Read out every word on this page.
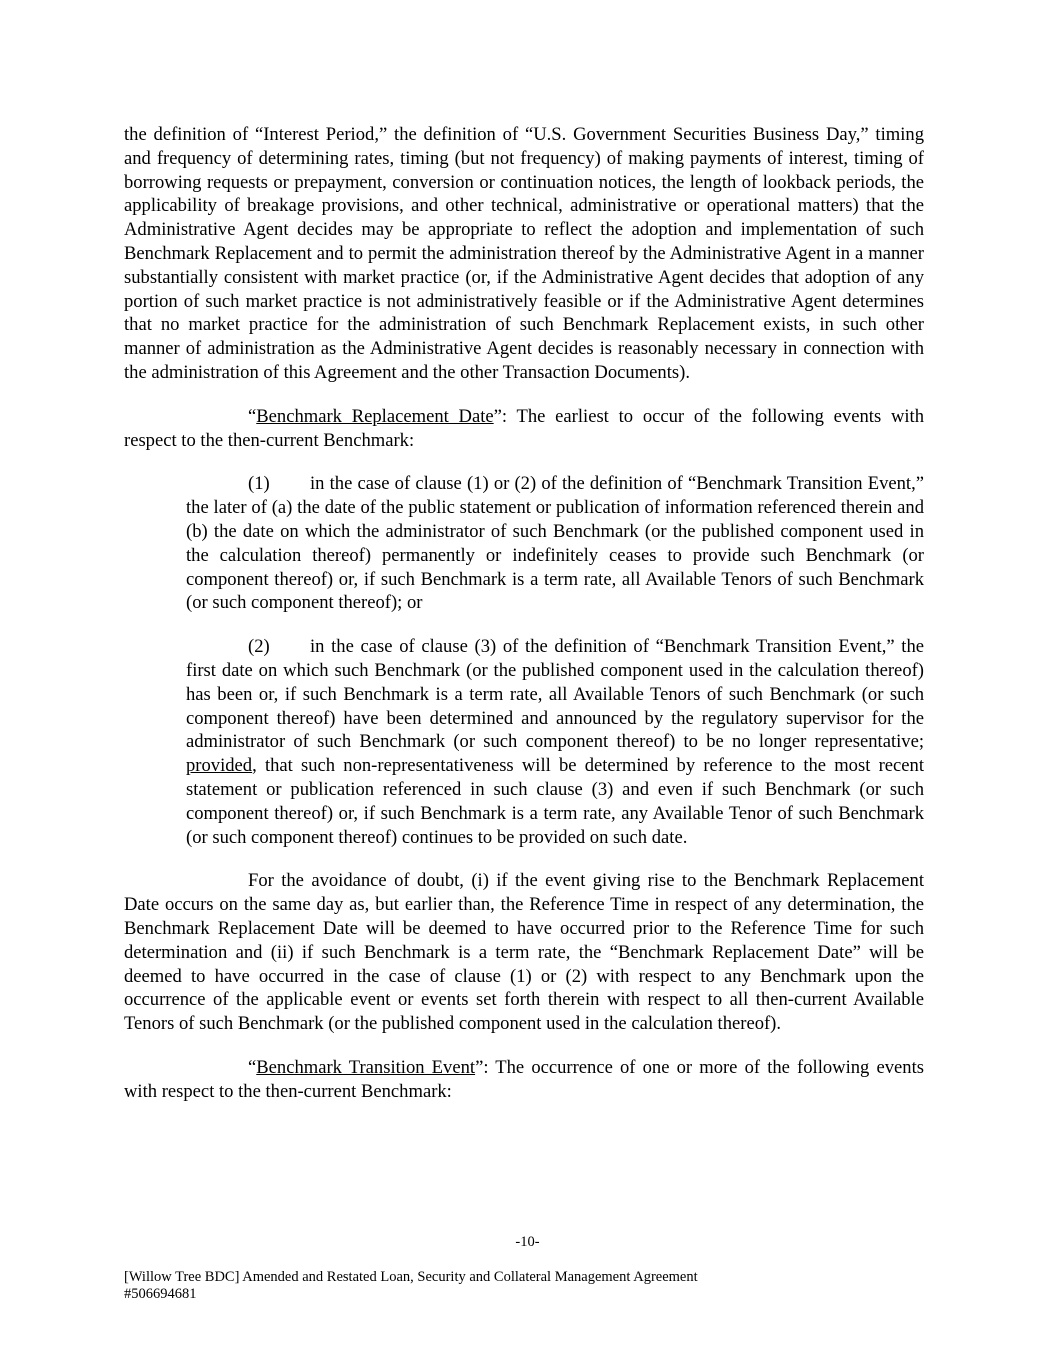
the definition of “Interest Period,” the definition of “U.S. Government Securities Business Day,” timing and frequency of determining rates, timing (but not frequency) of making payments of interest, timing of borrowing requests or prepayment, conversion or continuation notices, the length of lookback periods, the applicability of breakage provisions, and other technical, administrative or operational matters) that the Administrative Agent decides may be appropriate to reflect the adoption and implementation of such Benchmark Replacement and to permit the administration thereof by the Administrative Agent in a manner substantially consistent with market practice (or, if the Administrative Agent decides that adoption of any portion of such market practice is not administratively feasible or if the Administrative Agent determines that no market practice for the administration of such Benchmark Replacement exists, in such other manner of administration as the Administrative Agent decides is reasonably necessary in connection with the administration of this Agreement and the other Transaction Documents).

“Benchmark Replacement Date”: The earliest to occur of the following events with respect to the then-current Benchmark:

(1) in the case of clause (1) or (2) of the definition of “Benchmark Transition Event,” the later of (a) the date of the public statement or publication of information referenced therein and (b) the date on which the administrator of such Benchmark (or the published component used in the calculation thereof) permanently or indefinitely ceases to provide such Benchmark (or component thereof) or, if such Benchmark is a term rate, all Available Tenors of such Benchmark (or such component thereof); or

(2) in the case of clause (3) of the definition of “Benchmark Transition Event,” the first date on which such Benchmark (or the published component used in the calculation thereof) has been or, if such Benchmark is a term rate, all Available Tenors of such Benchmark (or such component thereof) have been determined and announced by the regulatory supervisor for the administrator of such Benchmark (or such component thereof) to be no longer representative; provided, that such non-representativeness will be determined by reference to the most recent statement or publication referenced in such clause (3) and even if such Benchmark (or such component thereof) or, if such Benchmark is a term rate, any Available Tenor of such Benchmark (or such component thereof) continues to be provided on such date.

For the avoidance of doubt, (i) if the event giving rise to the Benchmark Replacement Date occurs on the same day as, but earlier than, the Reference Time in respect of any determination, the Benchmark Replacement Date will be deemed to have occurred prior to the Reference Time for such determination and (ii) if such Benchmark is a term rate, the “Benchmark Replacement Date” will be deemed to have occurred in the case of clause (1) or (2) with respect to any Benchmark upon the occurrence of the applicable event or events set forth therein with respect to all then-current Available Tenors of such Benchmark (or the published component used in the calculation thereof).

“Benchmark Transition Event”: The occurrence of one or more of the following events with respect to the then-current Benchmark:

-10-
[Willow Tree BDC] Amended and Restated Loan, Security and Collateral Management Agreement
#506694681
